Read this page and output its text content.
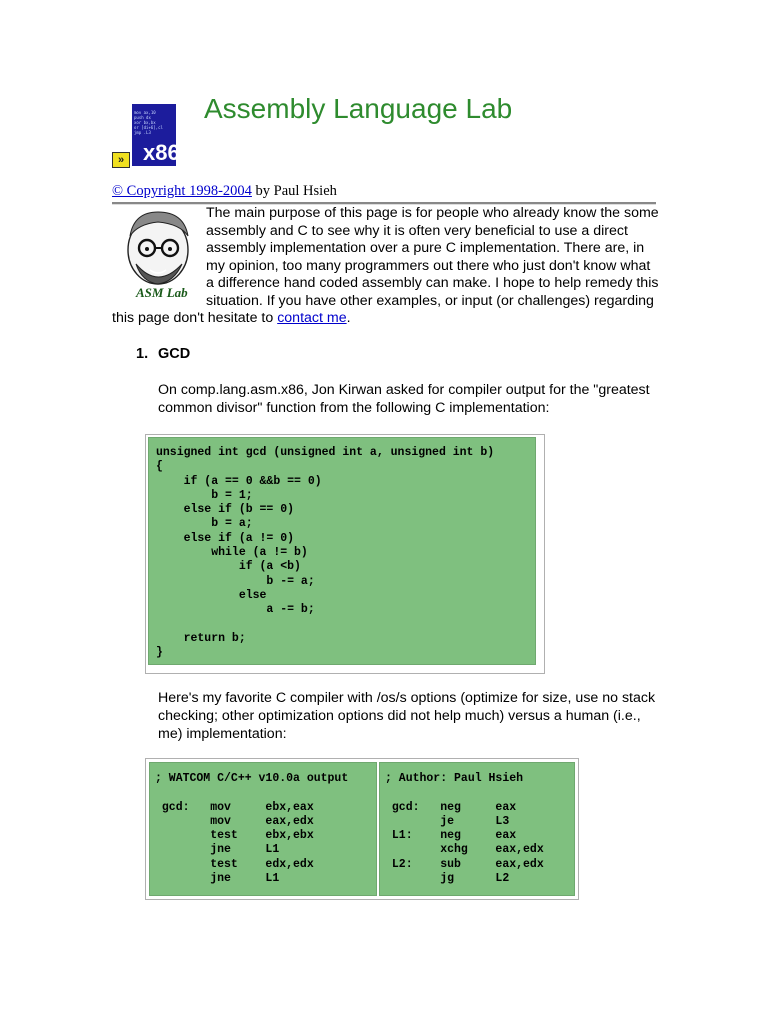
mov ax,10
push dx
xor bx,bx
or [di+6],cl
jmp .L3
x86
»
Assembly Language Lab
© Copyright 1998-2004 by Paul Hsieh
The main purpose of this page is for people who already know the some assembly and C to see why it is often very beneficial to use a direct assembly implementation over a pure C implementation. There are, in my opinion, too many programmers out there who just don't know what a difference hand coded assembly can make. I hope to help remedy this situation. If you have other examples, or input (or challenges) regarding this page don't hesitate to contact me.
ASM Lab
1. GCD
On comp.lang.asm.x86, Jon Kirwan asked for compiler output for the "greatest common divisor" function from the following C implementation:
unsigned int gcd (unsigned int a, unsigned int b)
{
if (a == 0 &&b == 0)
b = 1;
else if (b == 0)
b = a;
else if (a != 0)
while (a != b)
if (a <b)
b -= a;
else
a -= b;

return b;
}
Here's my favorite C compiler with /os/s options (optimize for size, use no stack checking; other optimization options did not help much) versus a human (i.e., me) implementation:
; WATCOM C/C++ v10.0a output

gcd:   mov     ebx,eax
mov     eax,edx
test    ebx,ebx
jne     L1
test    edx,edx
jne     L1
; Author: Paul Hsieh

gcd:   neg     eax
je      L3
L1:    neg     eax
xchg    eax,edx
L2:    sub     eax,edx
jg      L2
